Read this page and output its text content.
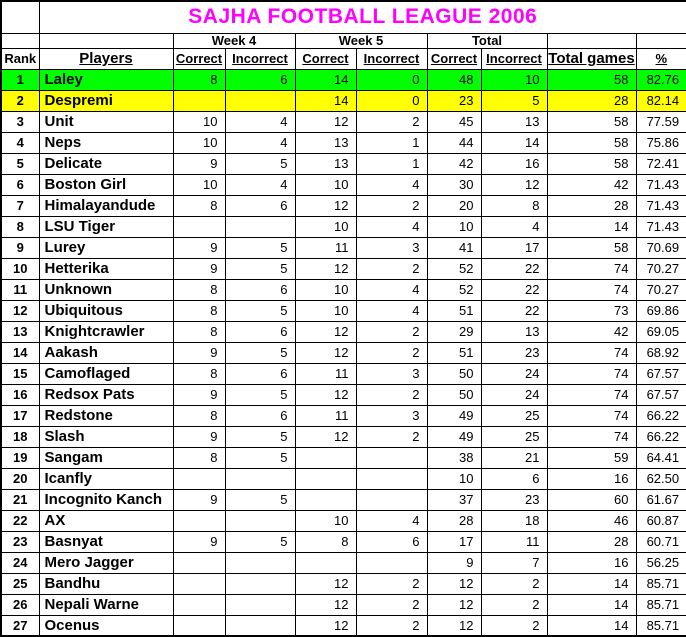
	SAJHA FOOTBALL LEAGUE 2006								
		Week 4		Week 5		Total			
Rank	Players	Correct	Incorrect	Correct	Incorrect	Correct	Incorrect	Total games	%
1	Laley	8	6	14	0	48	10	58	82.76
2	Despremi			14	0	23	5	28	82.14
3	Unit	10	4	12	2	45	13	58	77.59
4	Neps	10	4	13	1	44	14	58	75.86
5	Delicate	9	5	13	1	42	16	58	72.41
6	Boston Girl	10	4	10	4	30	12	42	71.43
7	Himalayandude	8	6	12	2	20	8	28	71.43
8	LSU Tiger			10	4	10	4	14	71.43
9	Lurey	9	5	11	3	41	17	58	70.69
10	Hetterika	9	5	12	2	52	22	74	70.27
11	Unknown	8	6	10	4	52	22	74	70.27
12	Ubiquitous	8	5	10	4	51	22	73	69.86
13	Knightcrawler	8	6	12	2	29	13	42	69.05
14	Aakash	9	5	12	2	51	23	74	68.92
15	Camoflaged	8	6	11	3	50	24	74	67.57
16	Redsox Pats	9	5	12	2	50	24	74	67.57
17	Redstone	8	6	11	3	49	25	74	66.22
18	Slash	9	5	12	2	49	25	74	66.22
19	Sangam	8	5			38	21	59	64.41
20	Icanfly					10	6	16	62.50
21	Incognito Kanch	9	5			37	23	60	61.67
22	AX			10	4	28	18	46	60.87
23	Basnyat	9	5	8	6	17	11	28	60.71
24	Mero Jagger					9	7	16	56.25
25	Bandhu			12	2	12	2	14	85.71
26	Nepali Warne			12	2	12	2	14	85.71
27	Ocenus			12	2	12	2	14	85.71
